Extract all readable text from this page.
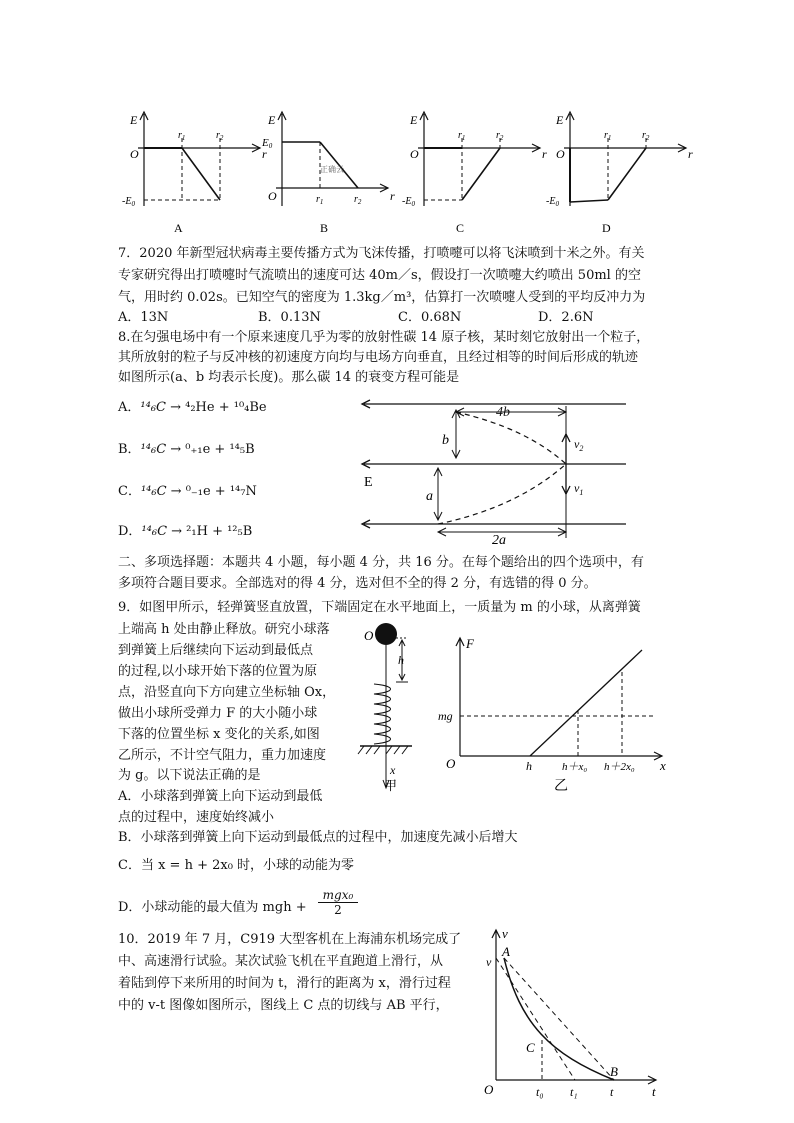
E
O	r
$r_1$	$r_2$
$-E_0$
A
E
E0
O	r
$r_1$	$r_2$
正确云
B
E
O	r
$r_1$	$r_2$
$-E_0$
C
E
O	r
$r_1$	$r_2$
$-E_0$
D
7．2020 年新型冠状病毒主要传播方式为飞沫传播，打喷嚏可以将飞沫喷到十米之外。有关
专家研究得出打喷嚏时气流喷出的速度可达 40m／s，假设打一次喷嚏大约喷出 50ml 的空
气，用时约 0.02s。已知空气的密度为 1.3kg／m³，估算打一次喷嚏人受到的平均反冲力为
A．13N	B．0.13N	C．0.68N	D．2.6N
8.在匀强电场中有一个原来速度几乎为零的放射性碳 14 原子核，某时刻它放射出一个粒子，
其所放射的粒子与反冲核的初速度方向均与电场方向垂直，且经过相等的时间后形成的轨迹
如图所示(a、b 均表示长度)。那么碳 14 的衰变方程可能是
A．¹⁴₆C → ⁴₂He + ¹⁰₄Be
B．¹⁴₆C → ⁰₊₁e + ¹⁴₅B
C．¹⁴₆C → ⁰₋₁e + ¹⁴₇N
D．¹⁴₆C → ²₁H + ¹²₅B
4b
b
a
2a
E
$v_2$
$v_1$
二、多项选择题：本题共 4 小题，每小题 4 分，共 16 分。在每个题给出的四个选项中，有
多项符合题目要求。全部选对的得 4 分，选对但不全的得 2 分，有选错的得 0 分。
9．如图甲所示，轻弹簧竖直放置，下端固定在水平地面上，一质量为 m 的小球，从离弹簧
上端高 h 处由静止释放。研究小球落
到弹簧上后继续向下运动到最低点
的过程,以小球开始下落的位置为原
点，沿竖直向下方向建立坐标轴 Ox，
做出小球所受弹力 F 的大小随小球
下落的位置坐标 x 变化的关系,如图
乙所示，不计空气阻力，重力加速度
为 g。以下说法正确的是
A．小球落到弹簧上向下运动到最低
点的过程中，速度始终减小
B．小球落到弹簧上向下运动到最低点的过程中，加速度先减小后增大
C．当 x = h + 2x₀ 时，小球的动能为零
D．小球动能的最大值为 mgh +
mgx₀
2
O
h
x
甲
F
mg
O	h	h＋x₀ h＋2x₀ x
乙
10．2019 年 7 月，C919 大型客机在上海浦东机场完成了
中、高速滑行试验。某次试验飞机在平直跑道上滑行，从
着陆到停下来所用的时间为 t，滑行的距离为 x，滑行过程
中的 v-t 图像如图所示，图线上 C 点的切线与 AB 平行，
v
A
v
C
B
O	t₀ t₁	t	t
